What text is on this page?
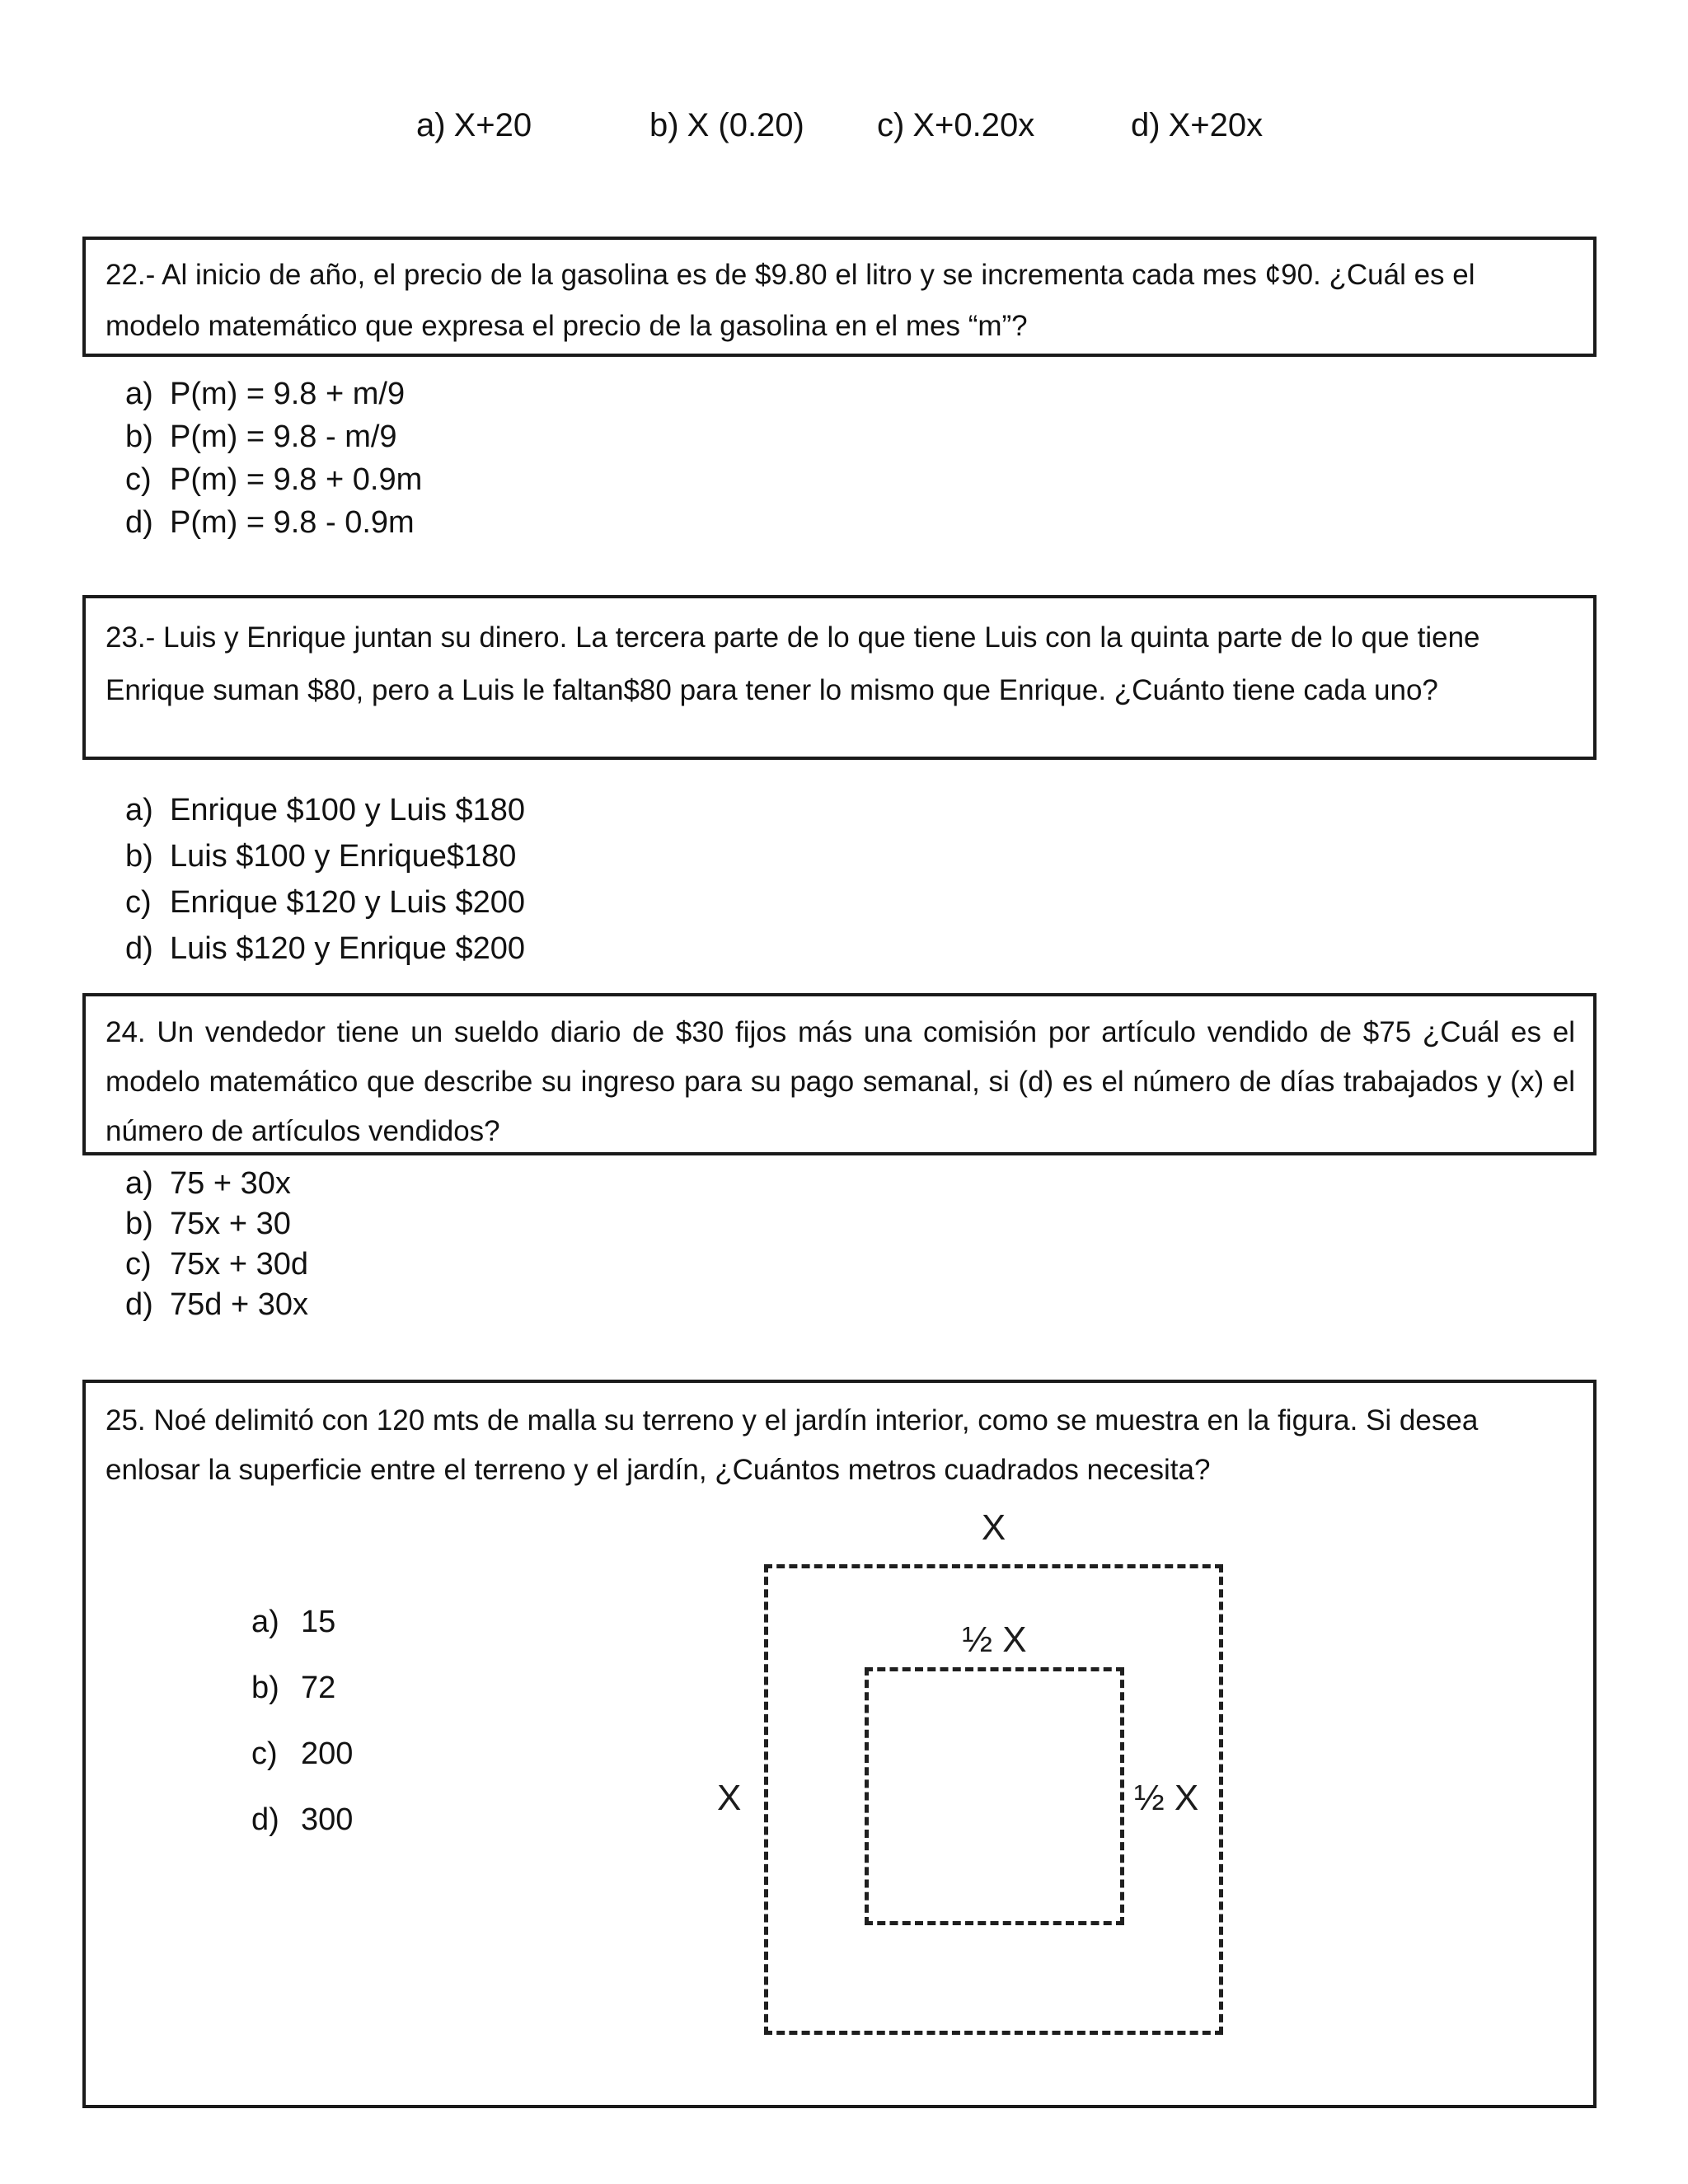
a) X+20	b) X (0.20) c) X+0.20x	d) X+20x
22.- Al inicio de año, el precio de la gasolina es de $9.80 el litro y se incrementa cada mes ¢90. ¿Cuál es el modelo matemático que expresa el precio de la gasolina en el mes “m”?
a) P(m) = 9.8 + m/9
b) P(m) = 9.8 - m/9
c) P(m) = 9.8 + 0.9m
d) P(m) = 9.8 - 0.9m
23.- Luis y Enrique juntan su dinero. La tercera parte de lo que tiene Luis con la quinta parte de lo que tiene Enrique suman $80, pero a Luis le faltan$80 para tener lo mismo que Enrique. ¿Cuánto tiene cada uno?
a) Enrique $100 y Luis $180
b) Luis $100 y Enrique$180
c) Enrique $120 y Luis $200
d) Luis $120 y Enrique $200
24. Un vendedor tiene un sueldo diario de $30 fijos más una comisión por artículo vendido de $75 ¿Cuál es el modelo matemático que describe su ingreso para su pago semanal, si (d) es el número de días trabajados y (x) el número de artículos vendidos?
a) 75 + 30x
b) 75x + 30
c) 75x + 30d
d) 75d + 30x
25. Noé delimitó con 120 mts de malla su terreno y el jardín interior, como se muestra en la figura. Si desea enlosar la superficie entre el terreno y el jardín, ¿Cuántos metros cuadrados necesita?
X
½ X
X	½ X
a) 15
b) 72
c) 200
d) 300
